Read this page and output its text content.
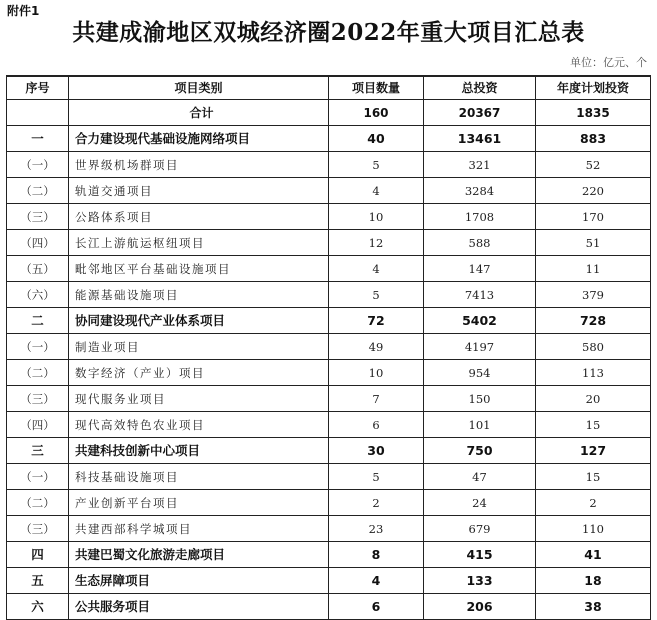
附件1
共建成渝地区双城经济圈2022年重大项目汇总表
单位：亿元、个
序号	项目类别	项目数量	总投资	年度计划投资
	合计	160	20367	1835
一	合力建设现代基础设施网络项目	40	13461	883
（一）	世界级机场群项目	5	321	52
（二）	轨道交通项目	4	3284	220
（三）	公路体系项目	10	1708	170
（四）	长江上游航运枢纽项目	12	588	51
（五）	毗邻地区平台基础设施项目	4	147	11
（六）	能源基础设施项目	5	7413	379
二	协同建设现代产业体系项目	72	5402	728
（一）	制造业项目	49	4197	580
（二）	数字经济（产业）项目	10	954	113
（三）	现代服务业项目	7	150	20
（四）	现代高效特色农业项目	6	101	15
三	共建科技创新中心项目	30	750	127
（一）	科技基础设施项目	5	47	15
（二）	产业创新平台项目	2	24	2
（三）	共建西部科学城项目	23	679	110
四	共建巴蜀文化旅游走廊项目	8	415	41
五	生态屏障项目	4	133	18
六	公共服务项目	6	206	38
